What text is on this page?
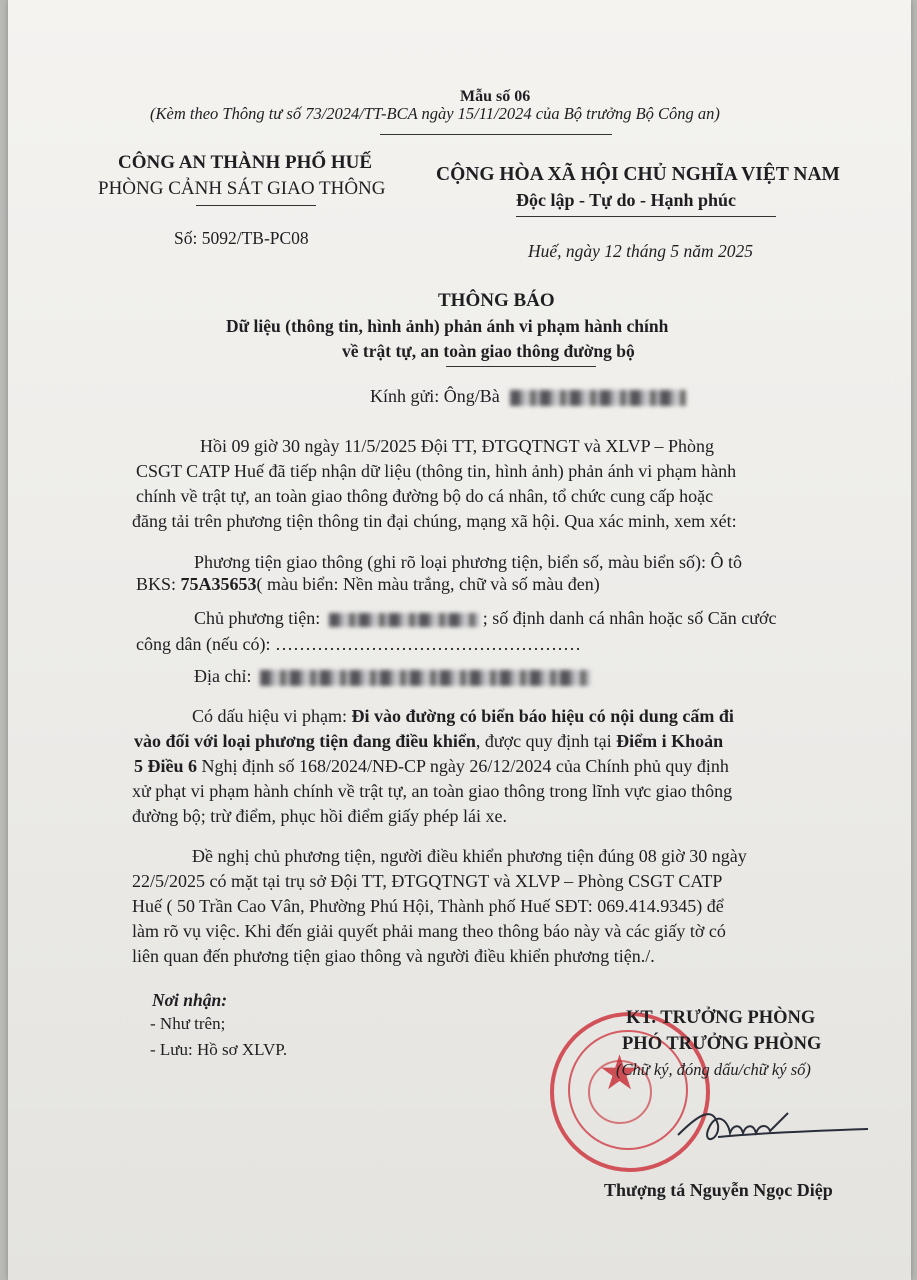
Mẫu số 06
(Kèm theo Thông tư số 73/2024/TT-BCA ngày 15/11/2024 của Bộ trưởng Bộ Công an)
CÔNG AN THÀNH PHỐ HUẾ
PHÒNG CẢNH SÁT GIAO THÔNG
Số: 5092/TB-PC08
CỘNG HÒA XÃ HỘI CHỦ NGHĨA VIỆT NAM
Độc lập - Tự do - Hạnh phúc
Huế, ngày 12 tháng 5 năm 2025
THÔNG BÁO
Dữ liệu (thông tin, hình ảnh) phản ánh vi phạm hành chính
về trật tự, an toàn giao thông đường bộ
Kính gửi: Ông/Bà
Hồi 09 giờ 30 ngày 11/5/2025 Đội TT, ĐTGQTNGT và XLVP – Phòng
CSGT CATP Huế đã tiếp nhận dữ liệu (thông tin, hình ảnh) phản ánh vi phạm hành
chính về trật tự, an toàn giao thông đường bộ do cá nhân, tổ chức cung cấp hoặc
đăng tải trên phương tiện thông tin đại chúng, mạng xã hội. Qua xác minh, xem xét:
Phương tiện giao thông (ghi rõ loại phương tiện, biển số, màu biển số): Ô tô
BKS: 75A35653( màu biển: Nền màu trắng, chữ và số màu đen)
Chủ phương tiện:	; số định danh cá nhân hoặc số Căn cước
công dân (nếu có): ……………………………………………
Địa chỉ:
Có dấu hiệu vi phạm: Đi vào đường có biển báo hiệu có nội dung cấm đi
vào đối với loại phương tiện đang điều khiển, được quy định tại Điểm i Khoản
5 Điều 6 Nghị định số 168/2024/NĐ-CP ngày 26/12/2024 của Chính phủ quy định
xử phạt vi phạm hành chính về trật tự, an toàn giao thông trong lĩnh vực giao thông
đường bộ; trừ điểm, phục hồi điểm giấy phép lái xe.
Đề nghị chủ phương tiện, người điều khiển phương tiện đúng 08 giờ 30 ngày
22/5/2025 có mặt tại trụ sở Đội TT, ĐTGQTNGT và XLVP – Phòng CSGT CATP
Huế ( 50 Trần Cao Vân, Phường Phú Hội, Thành phố Huế SĐT: 069.414.9345) để
làm rõ vụ việc. Khi đến giải quyết phải mang theo thông báo này và các giấy tờ có
liên quan đến phương tiện giao thông và người điều khiển phương tiện./.
Nơi nhận:
- Như trên;
- Lưu: Hồ sơ XLVP.	★
KT. TRƯỞNG PHÒNG
PHÓ TRƯỞNG PHÒNG
(Chữ ký, đóng dấu/chữ ký số)
Thượng tá Nguyễn Ngọc Diệp
